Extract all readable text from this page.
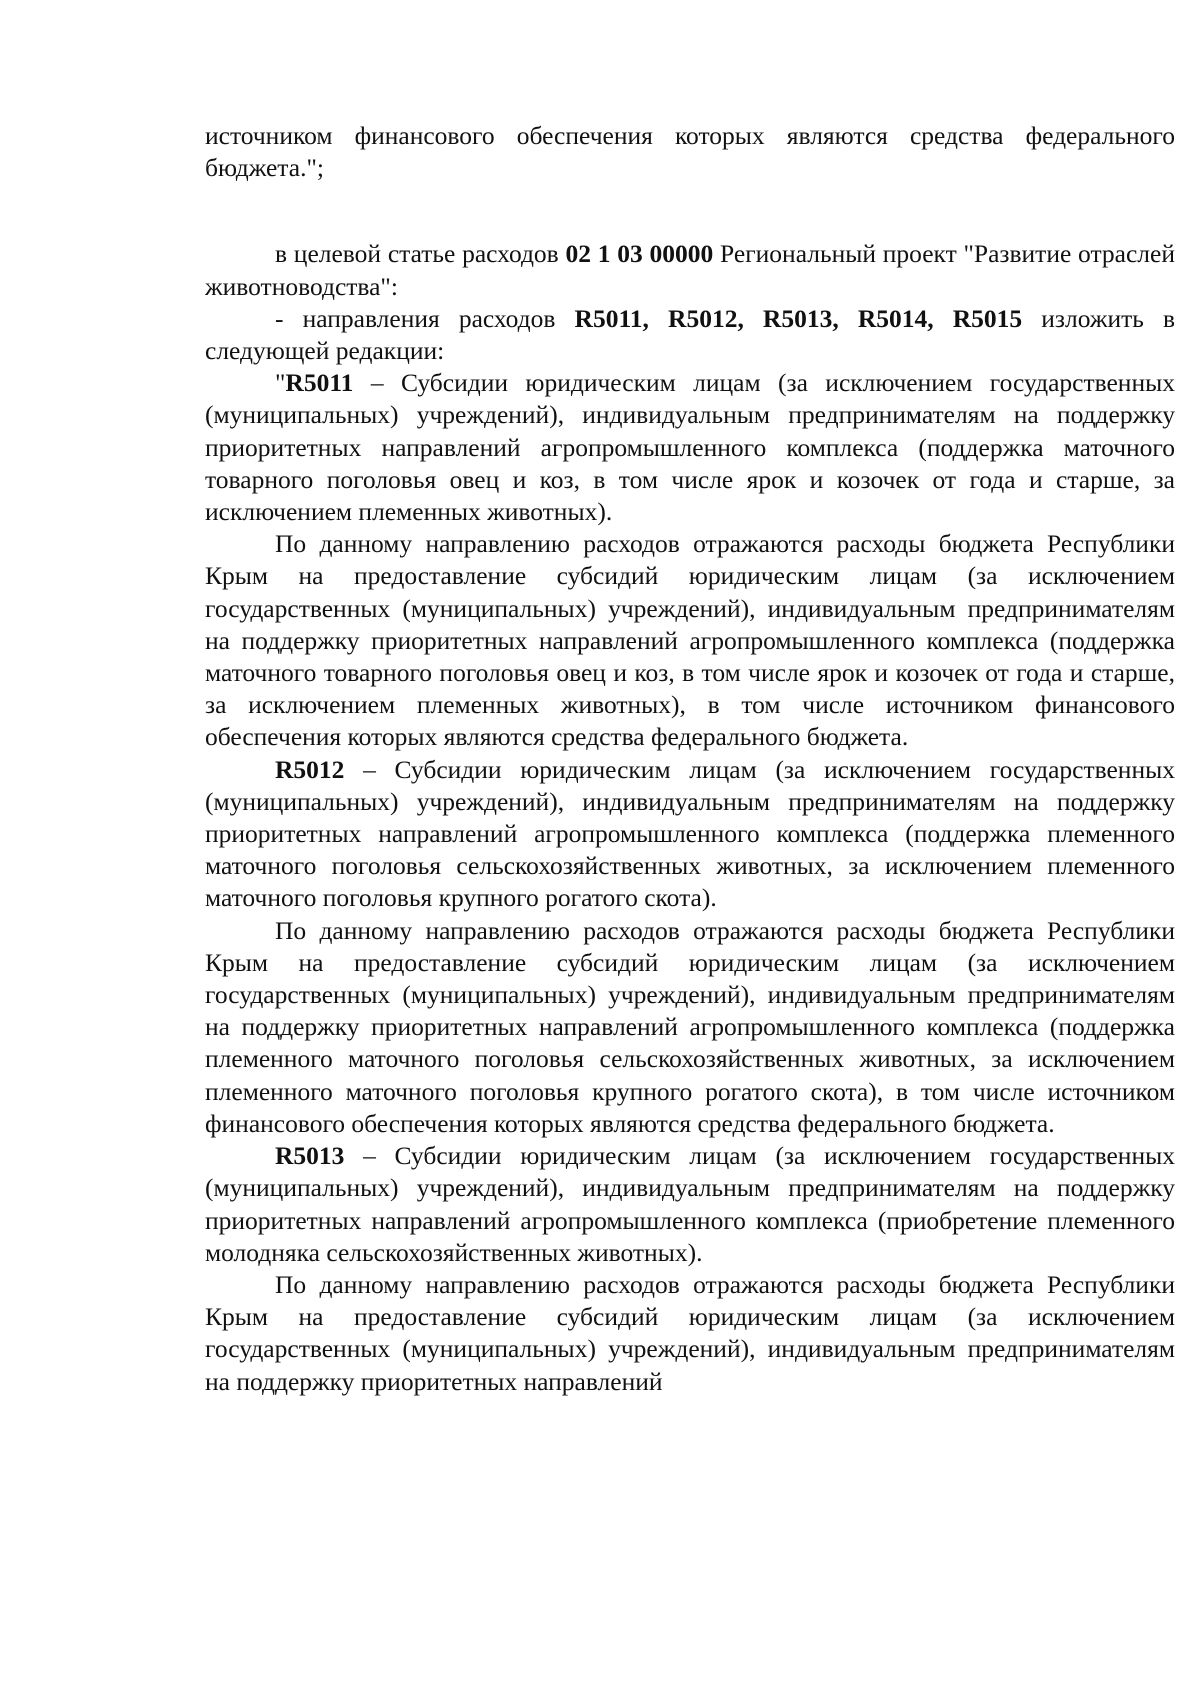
источником финансового обеспечения которых являются средства федерального бюджета.";

в целевой статье расходов 02 1 03 00000 Региональный проект "Развитие отраслей животноводства":

- направления расходов R5011, R5012, R5013, R5014, R5015 изложить в следующей редакции:

"R5011 – Субсидии юридическим лицам (за исключением государственных (муниципальных) учреждений), индивидуальным предпринимателям на поддержку приоритетных направлений агропромышленного комплекса (поддержка маточного товарного поголовья овец и коз, в том числе ярок и козочек от года и старше, за исключением племенных животных).

По данному направлению расходов отражаются расходы бюджета Республики Крым на предоставление субсидий юридическим лицам (за исключением государственных (муниципальных) учреждений), индивидуальным предпринимателям на поддержку приоритетных направлений агропромышленного комплекса (поддержка маточного товарного поголовья овец и коз, в том числе ярок и козочек от года и старше, за исключением племенных животных), в том числе источником финансового обеспечения которых являются средства федерального бюджета.

R5012 – Субсидии юридическим лицам (за исключением государственных (муниципальных) учреждений), индивидуальным предпринимателям на поддержку приоритетных направлений агропромышленного комплекса (поддержка племенного маточного поголовья сельскохозяйственных животных, за исключением племенного маточного поголовья крупного рогатого скота).

По данному направлению расходов отражаются расходы бюджета Республики Крым на предоставление субсидий юридическим лицам (за исключением государственных (муниципальных) учреждений), индивидуальным предпринимателям на поддержку приоритетных направлений агропромышленного комплекса (поддержка племенного маточного поголовья сельскохозяйственных животных, за исключением племенного маточного поголовья крупного рогатого скота), в том числе источником финансового обеспечения которых являются средства федерального бюджета.

R5013 – Субсидии юридическим лицам (за исключением государственных (муниципальных) учреждений), индивидуальным предпринимателям на поддержку приоритетных направлений агропромышленного комплекса (приобретение племенного молодняка сельскохозяйственных животных).

По данному направлению расходов отражаются расходы бюджета Республики Крым на предоставление субсидий юридическим лицам (за исключением государственных (муниципальных) учреждений), индивидуальным предпринимателям на поддержку приоритетных направлений
